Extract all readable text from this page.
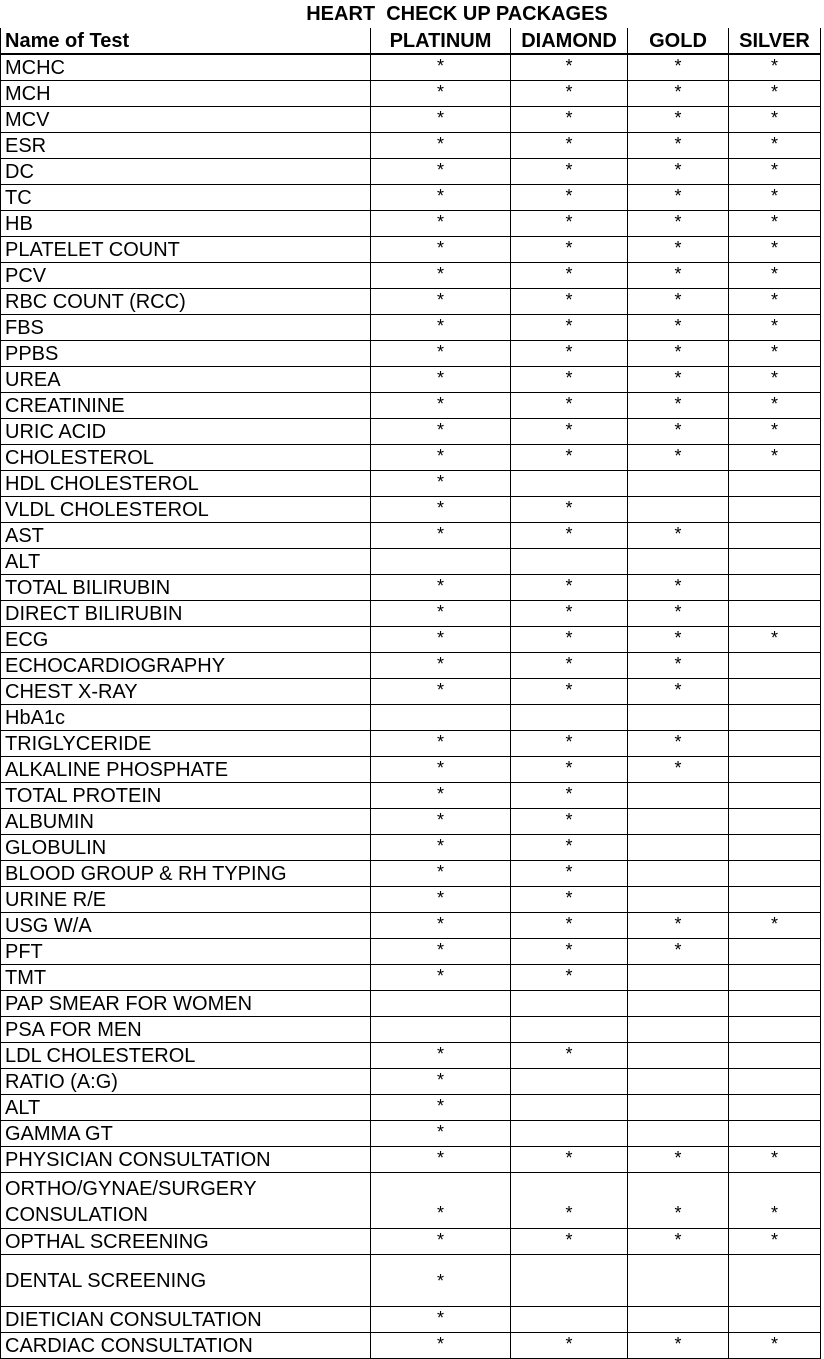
HEART  CHECK UP PACKAGES
Name of Test	PLATINUM	DIAMOND	GOLD	SILVER
MCHC	*	*	*	*
MCH	*	*	*	*
MCV	*	*	*	*
ESR	*	*	*	*
DC	*	*	*	*
TC	*	*	*	*
HB	*	*	*	*
PLATELET COUNT	*	*	*	*
PCV	*	*	*	*
RBC COUNT (RCC)	*	*	*	*
FBS	*	*	*	*
PPBS	*	*	*	*
UREA	*	*	*	*
CREATININE	*	*	*	*
URIC ACID	*	*	*	*
CHOLESTEROL	*	*	*	*
HDL CHOLESTEROL	*			
VLDL CHOLESTEROL	*	*		
AST	*	*	*	
ALT				
TOTAL BILIRUBIN	*	*	*	
DIRECT BILIRUBIN	*	*	*	
ECG	*	*	*	*
ECHOCARDIOGRAPHY	*	*	*	
CHEST X-RAY	*	*	*	
HbA1c				
TRIGLYCERIDE	*	*	*	
ALKALINE PHOSPHATE	*	*	*	
TOTAL PROTEIN	*	*		
ALBUMIN	*	*		
GLOBULIN	*	*		
BLOOD GROUP & RH TYPING	*	*		
URINE R/E	*	*		
USG W/A	*	*	*	*
PFT	*	*	*	
TMT	*	*		
PAP SMEAR FOR WOMEN				
PSA FOR MEN				
LDL CHOLESTEROL	*	*		
RATIO (A:G)	*			
ALT	*			
GAMMA GT	*			
PHYSICIAN CONSULTATION	*	*	*	*
ORTHO/GYNAE/SURGERY CONSULATION	*	*	*	*
OPTHAL SCREENING	*	*	*	*
DENTAL SCREENING	*			
DIETICIAN CONSULTATION	*			
CARDIAC CONSULTATION	*	*	*	*
